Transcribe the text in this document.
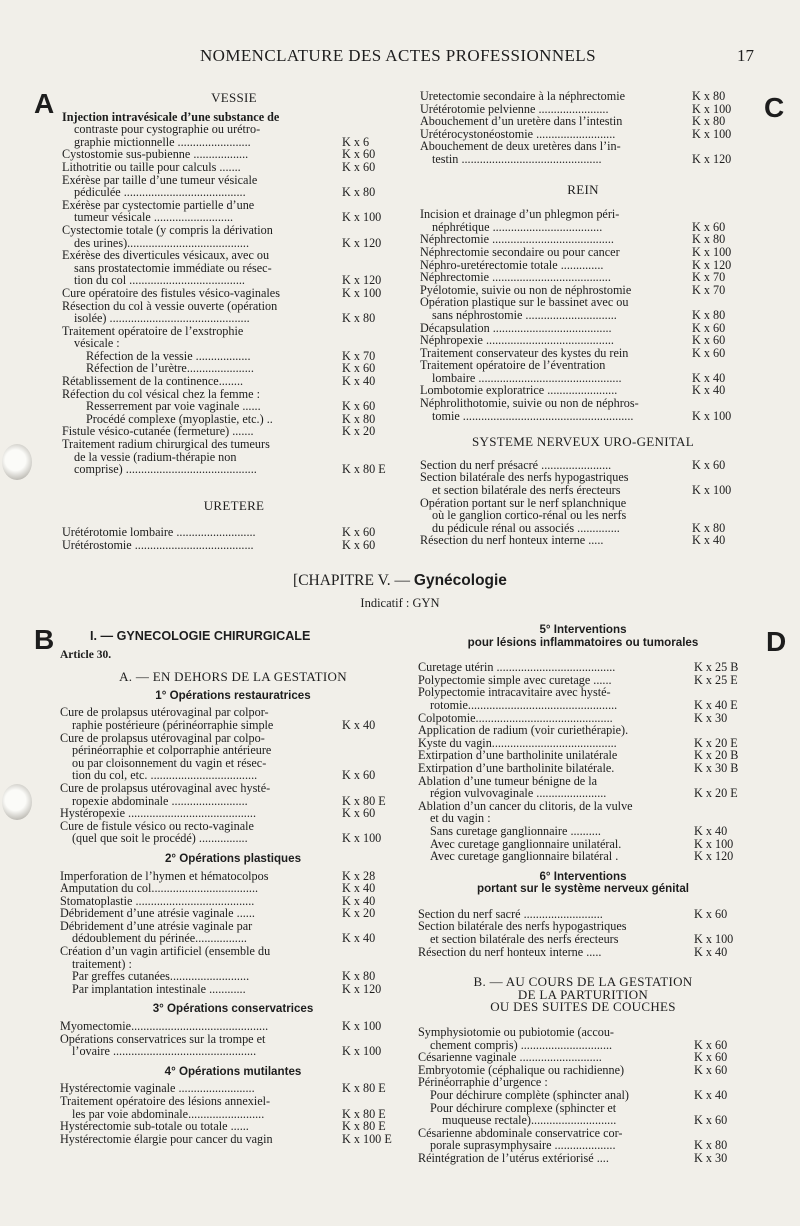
NOMENCLATURE DES ACTES PROFESSIONNELS	17
A	C
B	D
VESSIE
Injection intravésicale d’une substance de
contraste pour cystographie ou urétro-
graphie mictionnelle ........................	K x 6
Cystostomie sus-pubienne ..................	K x 60
Lithotritie ou taille pour calculs .......	K x 60
Exérèse par taille d’une tumeur vésicale
pédiculée ........................................	K x 80
Exérèse par cystectomie partielle d’une
tumeur vésicale ..........................	K x 100
Cystectomie totale (y compris la dérivation
des urines)........................................	K x 120
Exérèse des diverticules vésicaux, avec ou
sans prostatectomie immédiate ou résec-
tion du col ......................................	K x 120
Cure opératoire des fistules vésico-vaginales	K x 100
Résection du col à vessie ouverte (opération
isolée) ..............................................	K x 80
Traitement opératoire de l’exstrophie
vésicale :
Réfection de la vessie ..................	K x 70
Réfection de l’urètre......................	K x 60
Rétablissement de la continence........	K x 40
Réfection du col vésical chez la femme :
Resserrement par voie vaginale ......	K x 60
Procédé complexe (myoplastie, etc.) ..	K x 80
Fistule vésico-cutanée (fermeture) .......	K x 20
Traitement radium chirurgical des tumeurs
de la vessie (radium-thérapie non
comprise) ...........................................	K x 80 E
URETERE
Urétérotomie lombaire ..........................	K x 60
Urétérostomie .......................................	K x 60
Uretectomie secondaire à la néphrectomie	K x 80
Urétérotomie pelvienne .......................	K x 100
Abouchement d’un uretère dans l’intestin	K x 80
Urétérocystonéostomie ..........................	K x 100
Abouchement de deux uretères dans l’in-
testin ..............................................	K x 120
REIN
Incision et drainage d’un phlegmon péri-
néphrétique ....................................	K x 60
Néphrectomie ........................................	K x 80
Néphrectomie secondaire ou pour cancer	K x 100
Néphro-uretérectomie totale ..............	K x 120
Néphrectomie .......................................	K x 70
Pyélotomie, suivie ou non de néphrostomie	K x 70
Opération plastique sur le bassinet avec ou
sans néphrostomie ..............................	K x 80
Décapsulation .......................................	K x 60
Néphropexie ..........................................	K x 60
Traitement conservateur des kystes du rein	K x 60
Traitement opératoire de l’éventration
lombaire ...............................................	K x 40
Lombotomie exploratrice .......................	K x 40
Néphrolithotomie, suivie ou non de néphros-
tomie ........................................................	K x 100
SYSTEME NERVEUX URO-GENITAL
Section du nerf présacré .......................	K x 60
Section bilatérale des nerfs hypogastriques
et section bilatérale des nerfs érecteurs	K x 100
Opération portant sur le nerf splanchnique
où le ganglion cortico-rénal ou les nerfs
du pédicule rénal ou associés ..............	K x 80
Résection du nerf honteux interne .....	K x 40
[CHAPITRE V. — Gynécologie
Indicatif : GYN
I. — GYNECOLOGIE CHIRURGICALE
Article 30.
A. — EN DEHORS DE LA GESTATION
1° Opérations restauratrices
Cure de prolapsus utérovaginal par colpor-
raphie postérieure (périnéorraphie simple	K x 40
Cure de prolapsus utérovaginal par colpo-
périnéorraphie et colporraphie antérieure
ou par cloisonnement du vagin et résec-
tion du col, etc. ...................................	K x 60
Cure de prolapsus utérovaginal avec hysté-
ropexie abdominale .........................	K x 80 E
Hystéropexie ..........................................	K x 60
Cure de fistule vésico ou recto-vaginale
(quel que soit le procédé) ................	K x 100
2° Opérations plastiques
Imperforation de l’hymen et hématocolpos	K x 28
Amputation du col...................................	K x 40
Stomatoplastie .......................................	K x 40
Débridement d’une atrésie vaginale ......	K x 20
Débridement d’une atrésie vaginale par
dédoublement du périnée.................	K x 40
Création d’un vagin artificiel (ensemble du
traitement) :
Par greffes cutanées..........................	K x 80
Par implantation intestinale ............	K x 120
3° Opérations conservatrices
Myomectomie.............................................	K x 100
Opérations conservatrices sur la trompe et
l’ovaire ...............................................	K x 100
4° Opérations mutilantes
Hystérectomie vaginale .........................	K x 80 E
Traitement opératoire des lésions annexiel-
les par voie abdominale.........................	K x 80 E
Hystérectomie sub-totale ou totale ......	K x 80 E
Hystérectomie élargie pour cancer du vagin	K x 100 E
5° Interventions
pour lésions inflammatoires ou tumorales
Curetage utérin .......................................	K x 25 B
Polypectomie simple avec curetage ......	K x 25 E
Polypectomie intracavitaire avec hysté-
rotomie.................................................	K x 40 E
Colpotomie.............................................	K x 30
Application de radium (voir curiethérapie).
Kyste du vagin.........................................	K x 20 E
Extirpation d’une bartholinite unilatérale	K x 20 B
Extirpation d’une bartholinite bilatérale.	K x 30 B
Ablation d’une tumeur bénigne de la
région vulvovaginale .......................	K x 20 E
Ablation d’un cancer du clitoris, de la vulve
et du vagin :
Sans curetage ganglionnaire ..........	K x 40
Avec curetage ganglionnaire unilatéral.	K x 100
Avec curetage ganglionnaire bilatéral .	K x 120
6° Interventions
portant sur le système nerveux génital
Section du nerf sacré ..........................	K x 60
Section bilatérale des nerfs hypogastriques
et section bilatérale des nerfs érecteurs	K x 100
Résection du nerf honteux interne .....	K x 40
B. — AU COURS DE LA GESTATION
DE LA PARTURITION
OU DES SUITES DE COUCHES
Symphysiotomie ou pubiotomie (accou-
chement compris) ..............................	K x 60
Césarienne vaginale ...........................	K x 60
Embryotomie (céphalique ou rachidienne)	K x 60
Périnéorraphie d’urgence :
Pour déchirure complète (sphincter anal)	K x 40
Pour déchirure complexe (sphincter et
muqueuse rectale)............................	K x 60
Césarienne abdominale conservatrice cor-
porale suprasymphysaire ....................	K x 80
Réintégration de l’utérus extériorisé ....	K x 30
